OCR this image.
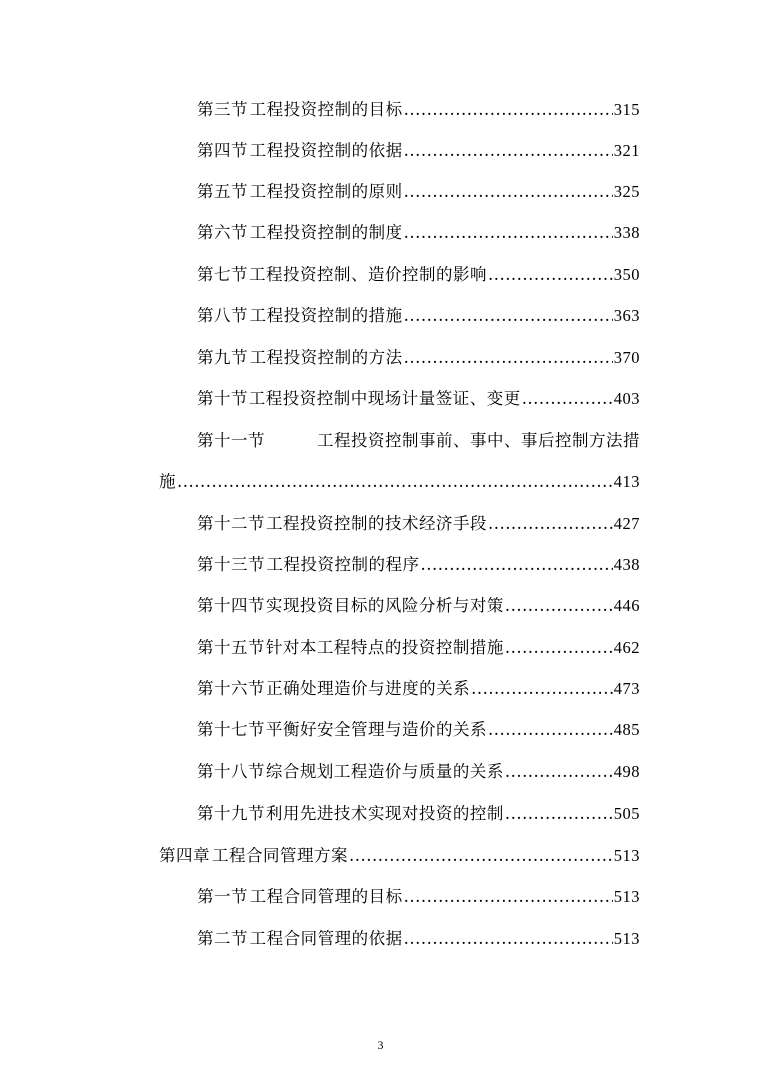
第三节 工程投资控制的目标 .....	315
第四节 工程投资控制的依据 .....	321
第五节 工程投资控制的原则 .....	325
第六节 工程投资控制的制度 .....	338
第七节 工程投资控制、造价控制的影响 .....	350
第八节 工程投资控制的措施 .....	363
第九节 工程投资控制的方法 .....	370
第十节 工程投资控制中现场计量签证、变更 .....	403
第十一节	工程投资控制事前、事中、事后控制方法措
施 .....	413
第十二节 工程投资控制的技术经济手段 .....	427
第十三节 工程投资控制的程序 .....	438
第十四节 实现投资目标的风险分析与对策 .....	446
第十五节 针对本工程特点的投资控制措施 .....	462
第十六节 正确处理造价与进度的关系 .....	473
第十七节 平衡好安全管理与造价的关系 .....	485
第十八节 综合规划工程造价与质量的关系 .....	498
第十九节 利用先进技术实现对投资的控制 .....	505
第四章 工程合同管理方案 .....	513
第一节 工程合同管理的目标 .....	513
第二节 工程合同管理的依据 .....	513
3
